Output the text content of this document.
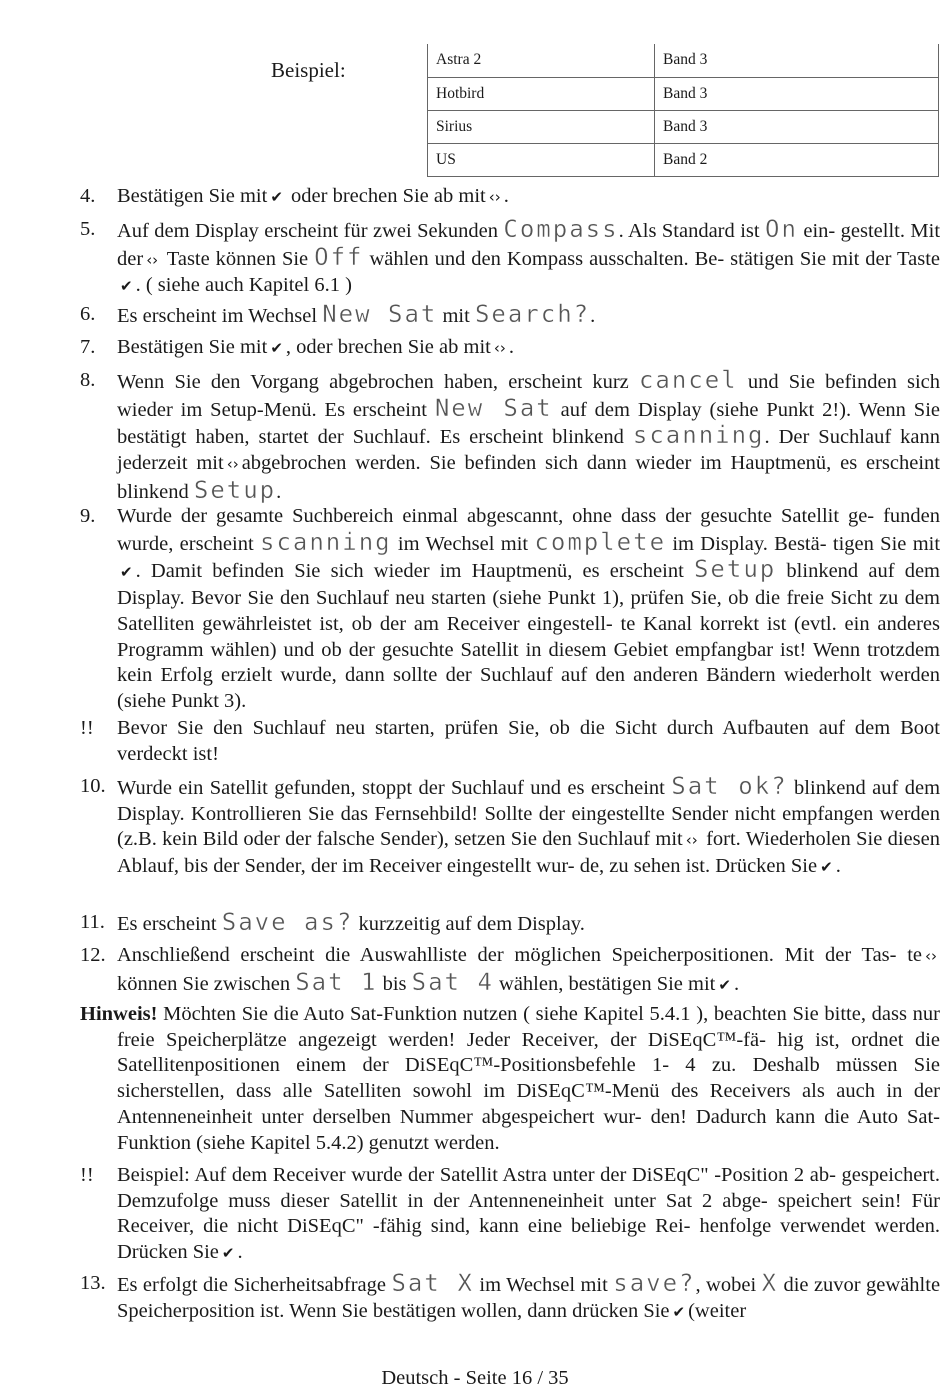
Beispiel:	Astra 2	Band 3
Hotbird	Band 3
Sirius	Band 3
US	Band 2
4. Bestätigen Sie mit ✔ oder brechen Sie ab mit ‹› .
5. Auf dem Display erscheint für zwei Sekunden Compass. Als Standard ist On ein- gestellt. Mit der ‹› Taste können Sie Off wählen und den Kompass ausschalten. Be- stätigen Sie mit der Taste✔ . ( siehe auch Kapitel 6.1 )
6. Es erscheint im Wechsel New Sat mit Search?.
7. Bestätigen Sie mit ✔ , oder brechen Sie ab mit ‹› .
8. Wenn Sie den Vorgang abgebrochen haben, erscheint kurz cancel und Sie befinden sich wieder im Setup-Menü. Es erscheint New Sat auf dem Display (siehe Punkt 2!). Wenn Sie bestätigt haben, startet der Suchlauf. Es erscheint blinkend scanning. Der Suchlauf kann jederzeit mit ‹› abgebrochen werden. Sie befinden sich dann wieder im Hauptmenü, es erscheint blinkend Setup.
9. Wurde der gesamte Suchbereich einmal abgescannt, ohne dass der gesuchte Satellit ge- funden wurde, erscheint scanning im Wechsel mit complete im Display. Bestä- tigen Sie mit✔ . Damit befinden Sie sich wieder im Hauptmenü, es erscheint Setup blinkend auf dem Display. Bevor Sie den Suchlauf neu starten (siehe Punkt 1), prüfen Sie, ob die freie Sicht zu dem Satelliten gewährleistet ist, ob der am Receiver eingestell- te Kanal korrekt ist (evtl. ein anderes Programm wählen) und ob der gesuchte Satellit in diesem Gebiet empfangbar ist! Wenn trotzdem kein Erfolg erzielt wurde, dann sollte der Suchlauf auf den anderen Bändern wiederholt werden (siehe Punkt 3).
!! Bevor Sie den Suchlauf neu starten, prüfen Sie, ob die Sicht durch Aufbauten auf dem Boot verdeckt ist!
10. Wurde ein Satellit gefunden, stoppt der Suchlauf und es erscheint Sat ok? blinkend auf dem Display. Kontrollieren Sie das Fernsehbild! Sollte der eingestellte Sender nicht empfangen werden (z.B. kein Bild oder der falsche Sender), setzen Sie den Suchlauf mit ‹› fort. Wiederholen Sie diesen Ablauf, bis der Sender, der im Receiver eingestellt wur- de, zu sehen ist. Drücken Sie ✔ .
11. Es erscheint Save as? kurzzeitig auf dem Display.
12. Anschließend erscheint die Auswahlliste der möglichen Speicherpositionen. Mit der Tas- te ‹› können Sie zwischen Sat 1 bis Sat 4 wählen, bestätigen Sie mit ✔ .
Hinweis! Möchten Sie die Auto Sat-Funktion nutzen ( siehe Kapitel 5.4.1 ), beachten Sie bitte, dass nur freie Speicherplätze angezeigt werden! Jeder Receiver, der DiSEqC™-fä- hig ist, ordnet die Satellitenpositionen einem der DiSEqC™-Positionsbefehle 1- 4 zu. Deshalb müssen Sie sicherstellen, dass alle Satelliten sowohl im DiSEqC™-Menü des Receivers als auch in der Antenneneinheit unter derselben Nummer abgespeichert wur- den! Dadurch kann die Auto Sat-Funktion (siehe Kapitel 5.4.2) genutzt werden.
!! Beispiel: Auf dem Receiver wurde der Satellit Astra unter der DiSEqC" -Position 2 ab- gespeichert. Demzufolge muss dieser Satellit in der Antenneneinheit unter Sat 2 abge- speichert sein! Für Receiver, die nicht DiSEqC" -fähig sind, kann eine beliebige Rei- henfolge verwendet werden. Drücken Sie ✔ .
13. Es erfolgt die Sicherheitsabfrage Sat X im Wechsel mit save?, wobei X die zuvor gewählte Speicherposition ist. Wenn Sie bestätigen wollen, dann drücken Sie ✔ (weiter
Deutsch - Seite 16 / 35
